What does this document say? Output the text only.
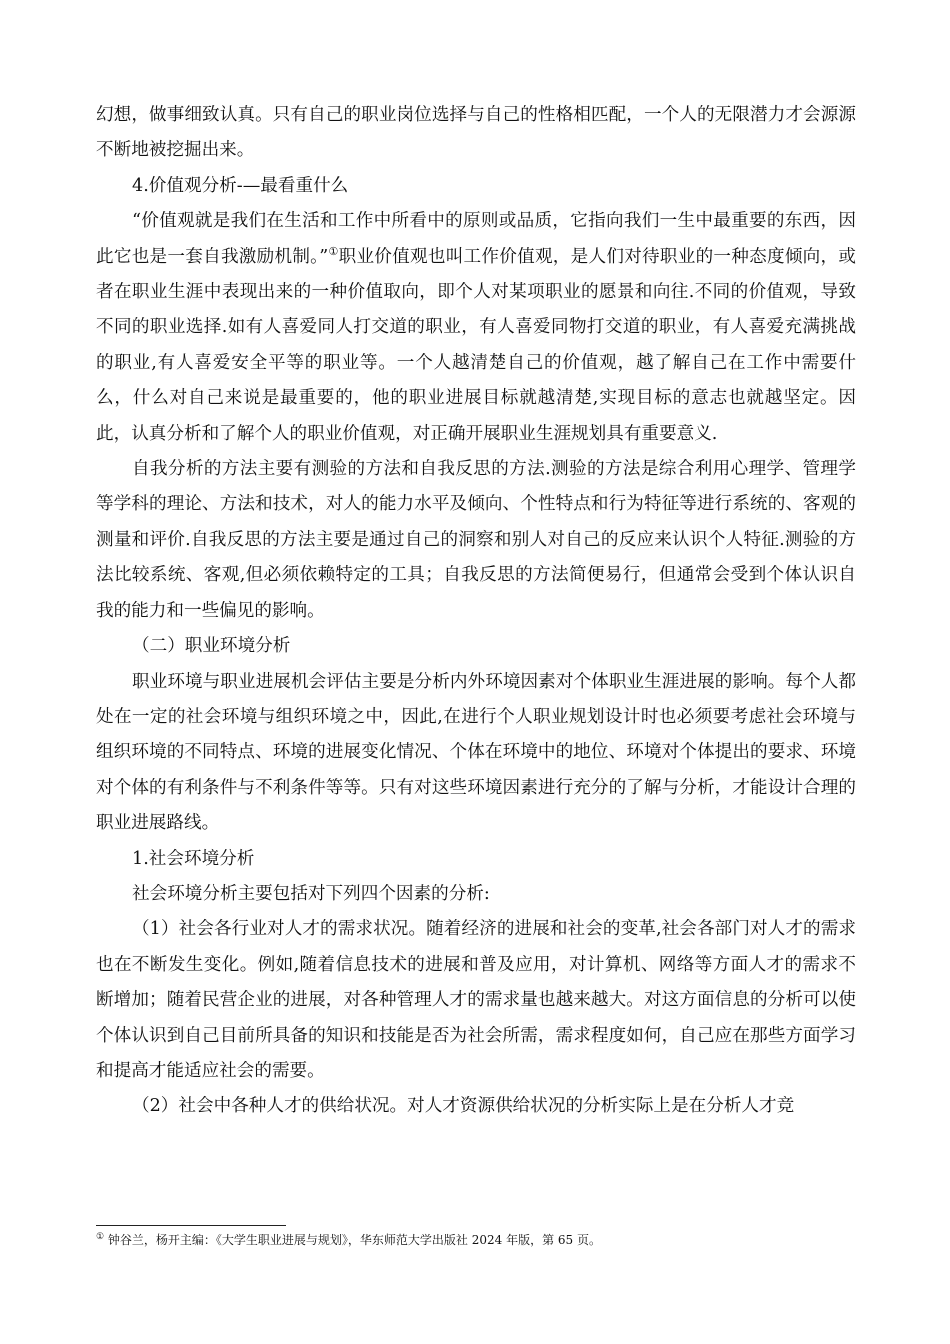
幻想，做事细致认真。只有自己的职业岗位选择与自己的性格相匹配，一个人的无限潜力才会源源不断地被挖掘出来。

4.价值观分析-—最看重什么

“价值观就是我们在生活和工作中所看中的原则或品质，它指向我们一生中最重要的东西，因此它也是一套自我激励机制。”①职业价值观也叫工作价值观，是人们对待职业的一种态度倾向，或者在职业生涯中表现出来的一种价值取向，即个人对某项职业的愿景和向往.不同的价值观，导致不同的职业选择.如有人喜爱同人打交道的职业，有人喜爱同物打交道的职业，有人喜爱充满挑战的职业,有人喜爱安全平等的职业等。一个人越清楚自己的价值观，越了解自己在工作中需要什么，什么对自己来说是最重要的，他的职业进展目标就越清楚,实现目标的意志也就越坚定。因此，认真分析和了解个人的职业价值观，对正确开展职业生涯规划具有重要意义.

自我分析的方法主要有测验的方法和自我反思的方法.测验的方法是综合利用心理学、管理学等学科的理论、方法和技术，对人的能力水平及倾向、个性特点和行为特征等进行系统的、客观的测量和评价.自我反思的方法主要是通过自己的洞察和别人对自己的反应来认识个人特征.测验的方法比较系统、客观,但必须依赖特定的工具；自我反思的方法简便易行，但通常会受到个体认识自我的能力和一些偏见的影响。

（二）职业环境分析

职业环境与职业进展机会评估主要是分析内外环境因素对个体职业生涯进展的影响。每个人都处在一定的社会环境与组织环境之中，因此,在进行个人职业规划设计时也必须要考虑社会环境与组织环境的不同特点、环境的进展变化情况、个体在环境中的地位、环境对个体提出的要求、环境对个体的有利条件与不利条件等等。只有对这些环境因素进行充分的了解与分析，才能设计合理的职业进展路线。

1.社会环境分析

社会环境分析主要包括对下列四个因素的分析:

（1）社会各行业对人才的需求状况。随着经济的进展和社会的变革,社会各部门对人才的需求也在不断发生变化。例如,随着信息技术的进展和普及应用，对计算机、网络等方面人才的需求不断增加；随着民营企业的进展，对各种管理人才的需求量也越来越大。对这方面信息的分析可以使个体认识到自己目前所具备的知识和技能是否为社会所需，需求程度如何，自己应在那些方面学习和提高才能适应社会的需要。

（2）社会中各种人才的供给状况。对人才资源供给状况的分析实际上是在分析人才竞

① 钟谷兰，杨开主编：《大学生职业进展与规划》，华东师范大学出版社 2024 年版，第 65 页。
